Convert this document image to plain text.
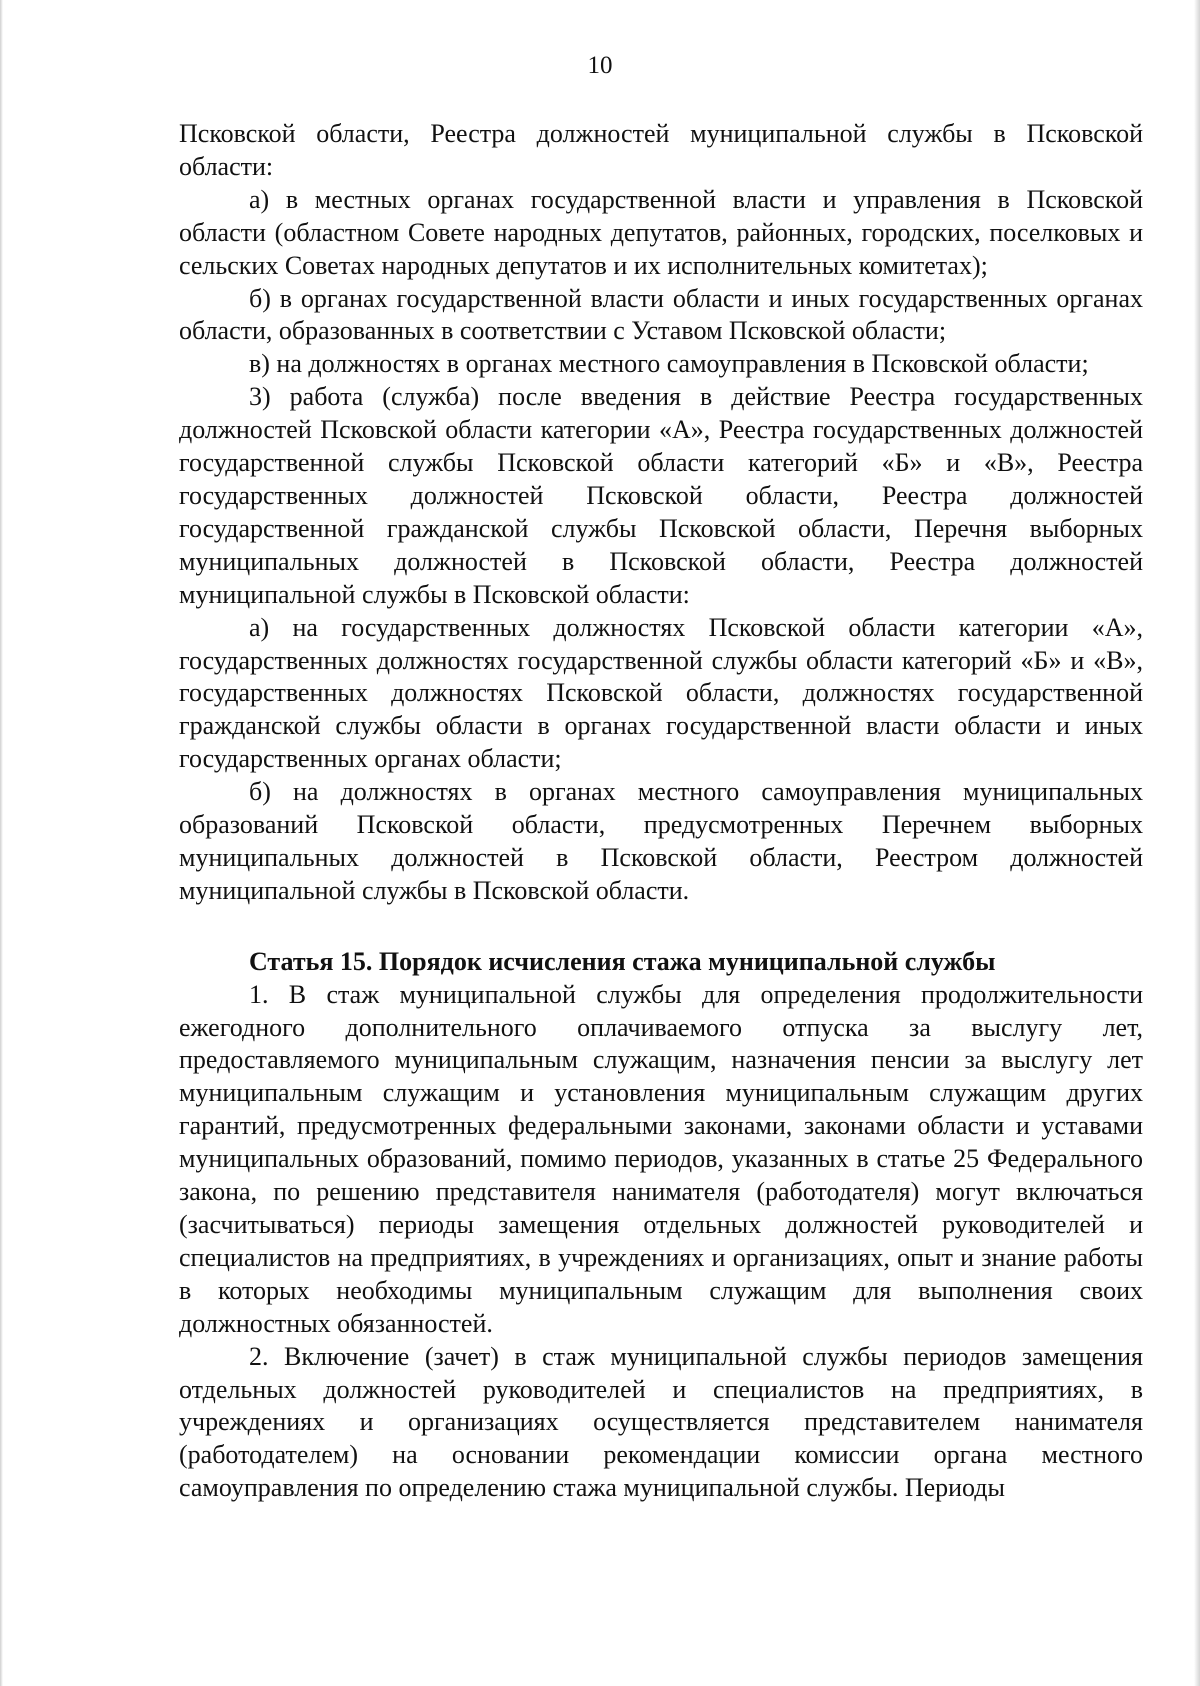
10

Псковской области, Реестра должностей муниципальной службы в Псковской области:

а) в местных органах государственной власти и управления в Псковской области (областном Совете народных депутатов, районных, городских, поселковых и сельских Советах народных депутатов и их исполнительных комитетах);

б) в органах государственной власти области и иных государственных органах области, образованных в соответствии с Уставом Псковской области;

в) на должностях в органах местного самоуправления в Псковской области;

3) работа (служба) после введения в действие Реестра государственных должностей Псковской области категории «А», Реестра государственных должностей государственной службы Псковской области категорий «Б» и «В», Реестра государственных должностей Псковской области, Реестра должностей государственной гражданской службы Псковской области, Перечня выборных муниципальных должностей в Псковской области, Реестра должностей муниципальной службы в Псковской области:

а) на государственных должностях Псковской области категории «А», государственных должностях государственной службы области категорий «Б» и «В», государственных должностях Псковской области, должностях государственной гражданской службы области в органах государственной власти области и иных государственных органах области;

б) на должностях в органах местного самоуправления муниципальных образований Псковской области, предусмотренных Перечнем выборных муниципальных должностей в Псковской области, Реестром должностей муниципальной службы в Псковской области.

Статья 15. Порядок исчисления стажа муниципальной службы

1. В стаж муниципальной службы для определения продолжительности ежегодного дополнительного оплачиваемого отпуска за выслугу лет, предоставляемого муниципальным служащим, назначения пенсии за выслугу лет муниципальным служащим и установления муниципальным служащим других гарантий, предусмотренных федеральными законами, законами области и уставами муниципальных образований, помимо периодов, указанных в статье 25 Федерального закона, по решению представителя нанимателя (работодателя) могут включаться (засчитываться) периоды замещения отдельных должностей руководителей и специалистов на предприятиях, в учреждениях и организациях, опыт и знание работы в которых необходимы муниципальным служащим для выполнения своих должностных обязанностей.

2. Включение (зачет) в стаж муниципальной службы периодов замещения отдельных должностей руководителей и специалистов на предприятиях, в учреждениях и организациях осуществляется представителем нанимателя (работодателем) на основании рекомендации комиссии органа местного самоуправления по определению стажа муниципальной службы. Периоды
